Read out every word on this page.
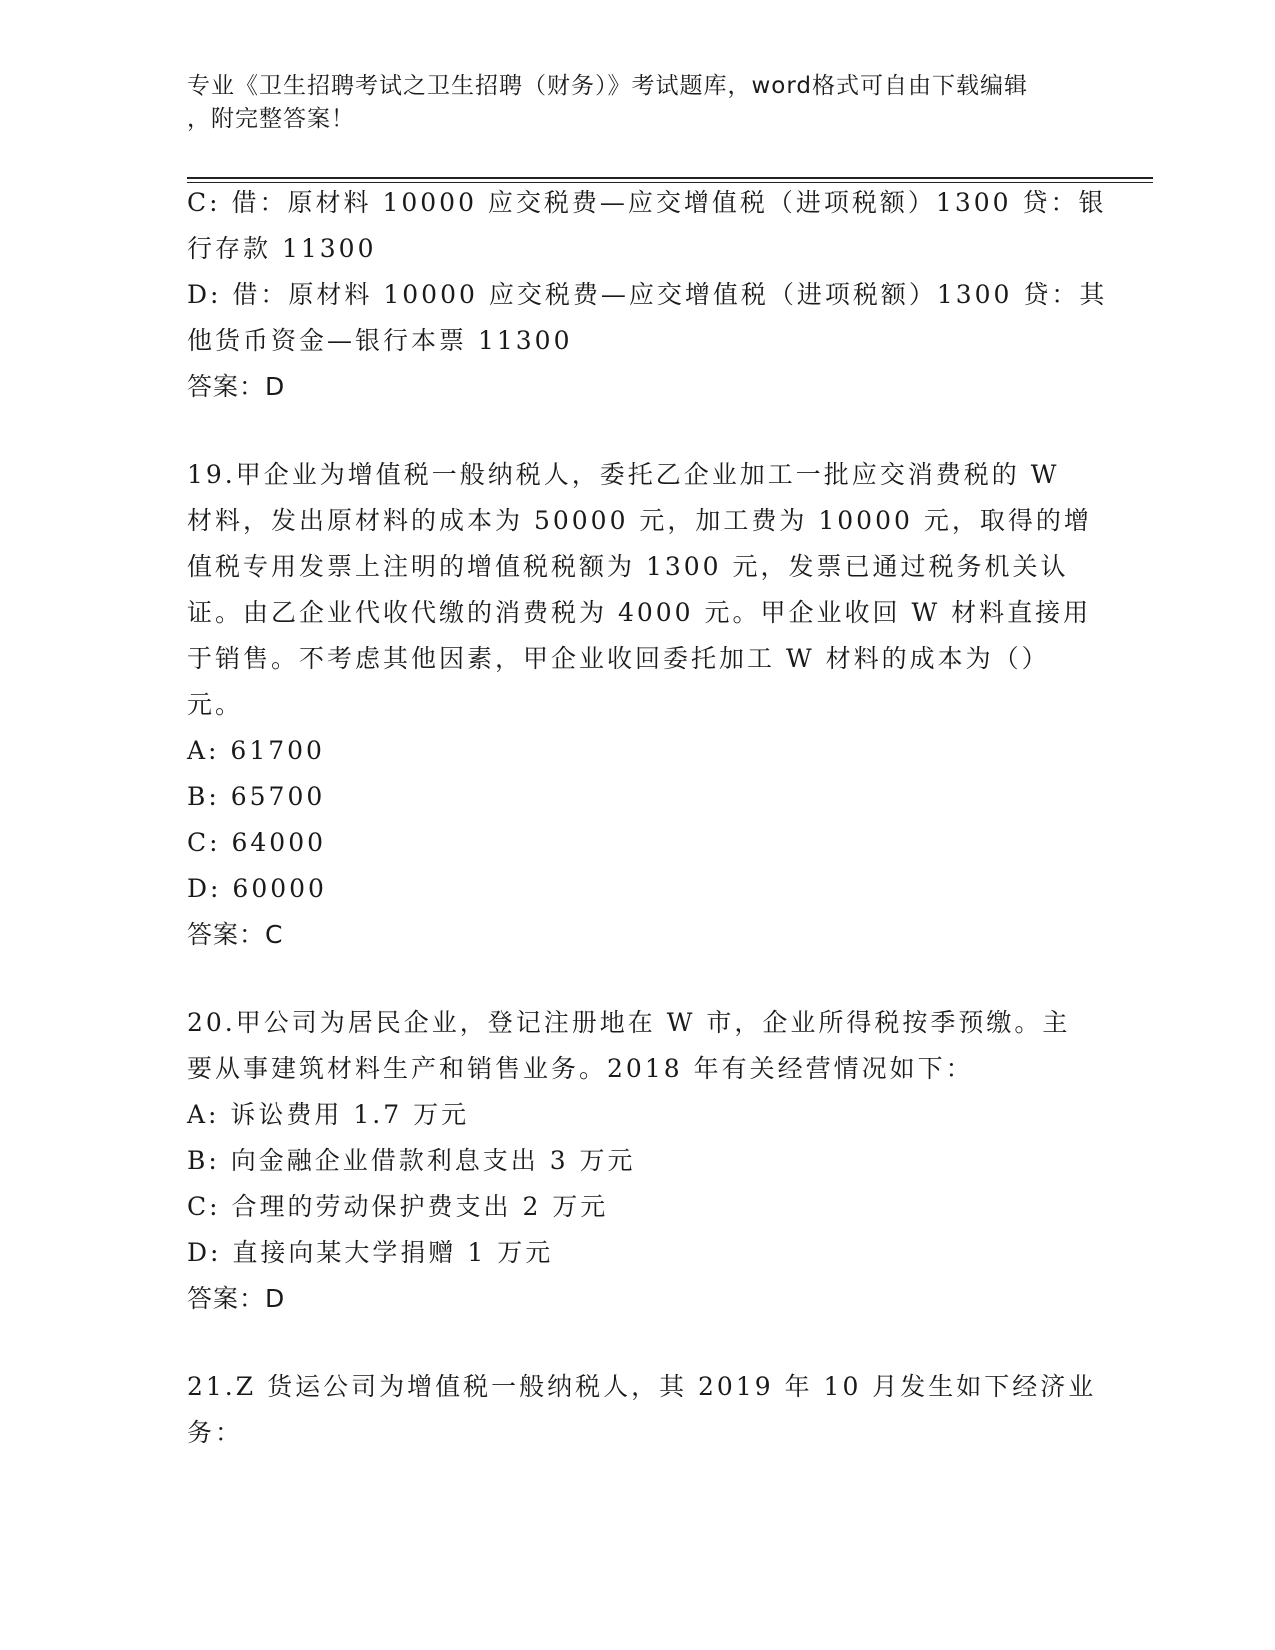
专业《卫生招聘考试之卫生招聘（财务）》考试题库，word格式可自由下载编辑
，附完整答案！
C: 借：原材料 10000 应交税费—应交增值税（进项税额）1300 贷：银
行存款 11300
D: 借：原材料 10000 应交税费—应交增值税（进项税额）1300 贷：其
他货币资金—银行本票 11300
答案：D
19.甲企业为增值税一般纳税人，委托乙企业加工一批应交消费税的 W
材料，发出原材料的成本为 50000 元，加工费为 10000 元，取得的增
值税专用发票上注明的增值税税额为 1300 元，发票已通过税务机关认
证。由乙企业代收代缴的消费税为 4000 元。甲企业收回 W 材料直接用
于销售。不考虑其他因素，甲企业收回委托加工 W 材料的成本为（）
元。
A: 61700
B: 65700
C: 64000
D: 60000
答案：C
20.甲公司为居民企业，登记注册地在 W 市，企业所得税按季预缴。主
要从事建筑材料生产和销售业务。2018 年有关经营情况如下：
A: 诉讼费用 1.7 万元
B: 向金融企业借款利息支出 3 万元
C: 合理的劳动保护费支出 2 万元
D: 直接向某大学捐赠 1 万元
答案：D
21.Z 货运公司为增值税一般纳税人，其 2019 年 10 月发生如下经济业
务：
